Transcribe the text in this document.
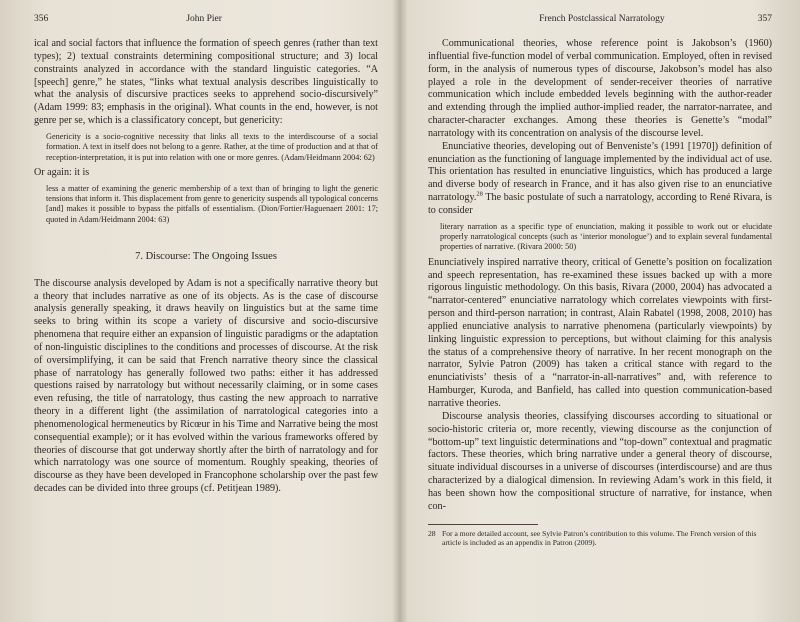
356	John Pier

ical and social factors that influence the formation of speech genres (rather than text types); 2) textual constraints determining compositional structure; and 3) local constraints analyzed in accordance with the standard linguistic categories. “A [speech] genre,” he states, “links what textual analysis describes linguistically to what the analysis of discursive practices seeks to apprehend socio-discursively” (Adam 1999: 83; emphasis in the original). What counts in the end, however, is not genre per se, which is a classificatory concept, but genericity:

Genericity is a socio-cognitive necessity that links all texts to the interdiscourse of a social formation. A text in itself does not belong to a genre. Rather, at the time of production and at that of reception-interpretation, it is put into relation with one or more genres. (Adam/Heidmann 2004: 62)

Or again: it is

less a matter of examining the generic membership of a text than of bringing to light the generic tensions that inform it. This displacement from genre to genericity suspends all typological concerns [and] makes it possible to bypass the pitfalls of essentialism. (Dion/Fortier/Haguenaert 2001: 17; quoted in Adam/Heidmann 2004: 63)
7. Discourse: The Ongoing Issues

The discourse analysis developed by Adam is not a specifically narrative theory but a theory that includes narrative as one of its objects. As is the case of discourse analysis generally speaking, it draws heavily on linguistics but at the same time seeks to bring within its scope a variety of discursive and socio-discursive phenomena that require either an expansion of linguistic paradigms or the adaptation of non-linguistic disciplines to the conditions and processes of discourse. At the risk of oversimplifying, it can be said that French narrative theory since the classical phase of narratology has generally followed two paths: either it has addressed questions raised by narratology but without necessarily claiming, or in some cases even refusing, the title of narratology, thus casting the new approach to narrative theory in a different light (the assimilation of narratological categories into a phenomenological hermeneutics by Ricœur in his Time and Narrative being the most consequential example); or it has evolved within the various frameworks offered by theories of discourse that got underway shortly after the birth of narratology and for which narratology was one source of momentum. Roughly speaking, theories of discourse as they have been developed in Francophone scholarship over the past few decades can be divided into three groups (cf. Petitjean 1989).

French Postclassical Narratology	357

Communicational theories, whose reference point is Jakobson’s (1960) influential five-function model of verbal communication. Employed, often in revised form, in the analysis of numerous types of discourse, Jakobson’s model has also played a role in the development of sender-receiver theories of narrative communication which include embedded levels beginning with the author-reader and extending through the implied author-implied reader, the narrator-narratee, and character-character exchanges. Among these theories is Genette’s “modal” narratology with its concentration on analysis of the discourse level.

Enunciative theories, developing out of Benveniste’s (1991 [1970]) definition of enunciation as the functioning of language implemented by the individual act of use. This orientation has resulted in enunciative linguistics, which has produced a large and diverse body of research in France, and it has also given rise to an enunciative narratology.$^{28}$ The basic postulate of such a narratology, according to René Rivara, is to consider

literary narration as a specific type of enunciation, making it possible to work out or elucidate properly narratological concepts (such as ‘interior monologue’) and to explain several fundamental properties of narrative. (Rivara 2000: 50)

Enunciatively inspired narrative theory, critical of Genette’s position on focalization and speech representation, has re-examined these issues backed up with a more rigorous linguistic methodology. On this basis, Rivara (2000, 2004) has advocated a “narrator-centered” enunciative narratology which correlates viewpoints with first-person and third-person narration; in contrast, Alain Rabatel (1998, 2008, 2010) has applied enunciative analysis to narrative phenomena (particularly viewpoints) by linking linguistic expression to perceptions, but without claiming for this analysis the status of a comprehensive theory of narrative. In her recent monograph on the narrator, Sylvie Patron (2009) has taken a critical stance with regard to the enunciativists’ thesis of a “narrator-in-all-narratives” and, with reference to Hamburger, Kuroda, and Banfield, has called into question communication-based narrative theories.

Discourse analysis theories, classifying discourses according to situational or socio-historic criteria or, more recently, viewing discourse as the conjunction of “bottom-up” text linguistic determinations and “top-down” contextual and pragmatic factors. These theories, which bring narrative under a general theory of discourse, situate individual discourses in a universe of discourses (interdiscourse) and are thus characterized by a dialogical dimension. In reviewing Adam’s work in this field, it has been shown how the compositional structure of narrative, for instance, when con-

28 For a more detailed account, see Sylvie Patron’s contribution to this volume. The French version of this article is included as an appendix in Patron (2009).
